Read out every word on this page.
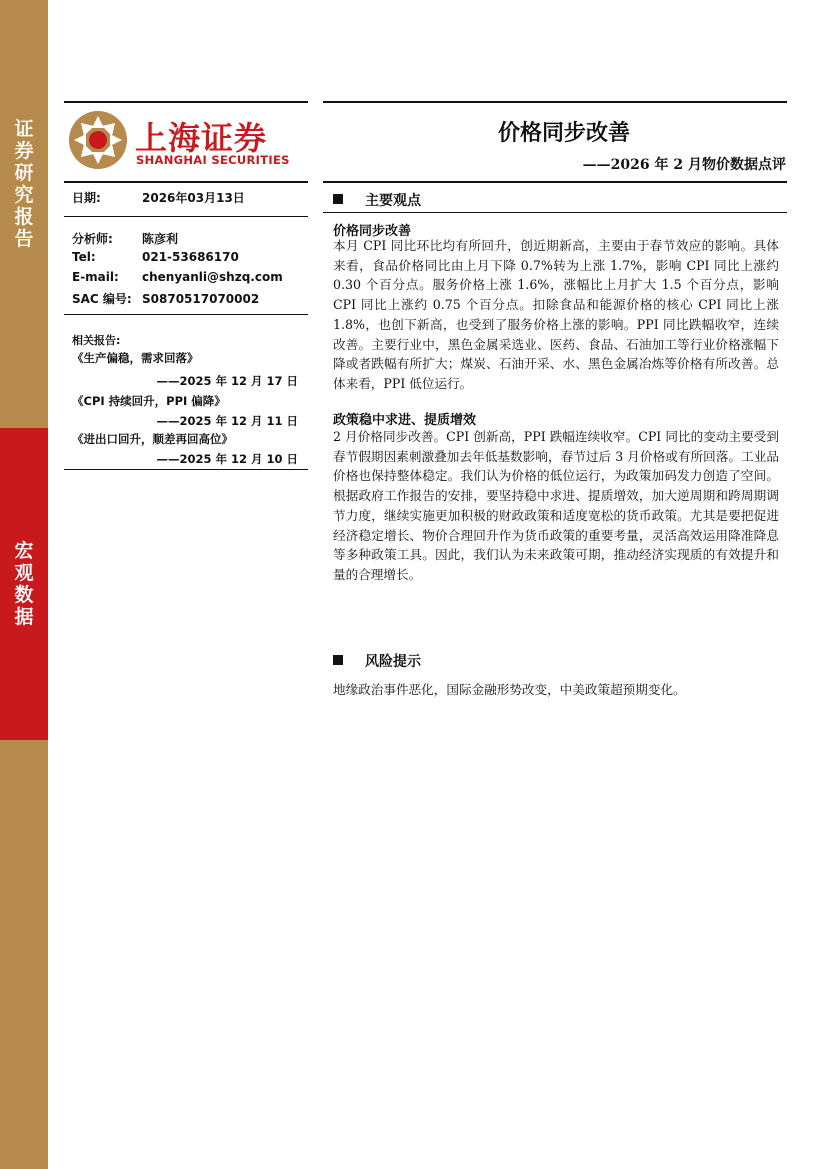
证券研究报告
宏观数据
上海证券
SHANGHAI SECURITIES
价格同步改善
——2026 年 2 月物价数据点评
日期:	2026年03月13日
分析师: 陈彦利
Tel:	021-53686170
E-mail: chenyanli@shzq.com
SAC 编号: S0870517070002
相关报告:
《生产偏稳，需求回落》
——2025 年 12 月 17 日
《CPI 持续回升，PPI 偏降》
——2025 年 12 月 11 日
《进出口回升，顺差再回高位》
——2025 年 12 月 10 日
主要观点
价格同步改善
本月 CPI 同比环比均有所回升，创近期新高，主要由于春节效应的影响。具体来看，食品价格同比由上月下降 0.7%转为上涨 1.7%，影响 CPI 同比上涨约 0.30 个百分点。服务价格上涨 1.6%，涨幅比上月扩大 1.5 个百分点，影响 CPI 同比上涨约 0.75 个百分点。扣除食品和能源价格的核心 CPI 同比上涨 1.8%，也创下新高，也受到了服务价格上涨的影响。PPI 同比跌幅收窄，连续改善。主要行业中，黑色金属采选业、医药、食品、石油加工等行业价格涨幅下降或者跌幅有所扩大；煤炭、石油开采、水、黑色金属冶炼等价格有所改善。总体来看，PPI 低位运行。
政策稳中求进、提质增效
2 月价格同步改善。CPI 创新高，PPI 跌幅连续收窄。CPI 同比的变动主要受到春节假期因素刺激叠加去年低基数影响，春节过后 3 月价格或有所回落。工业品价格也保持整体稳定。我们认为价格的低位运行，为政策加码发力创造了空间。根据政府工作报告的安排，要坚持稳中求进、提质增效，加大逆周期和跨周期调节力度，继续实施更加积极的财政政策和适度宽松的货币政策。尤其是要把促进经济稳定增长、物价合理回升作为货币政策的重要考量，灵活高效运用降准降息等多种政策工具。因此，我们认为未来政策可期，推动经济实现质的有效提升和量的合理增长。
风险提示
地缘政治事件恶化，国际金融形势改变，中美政策超预期变化。
